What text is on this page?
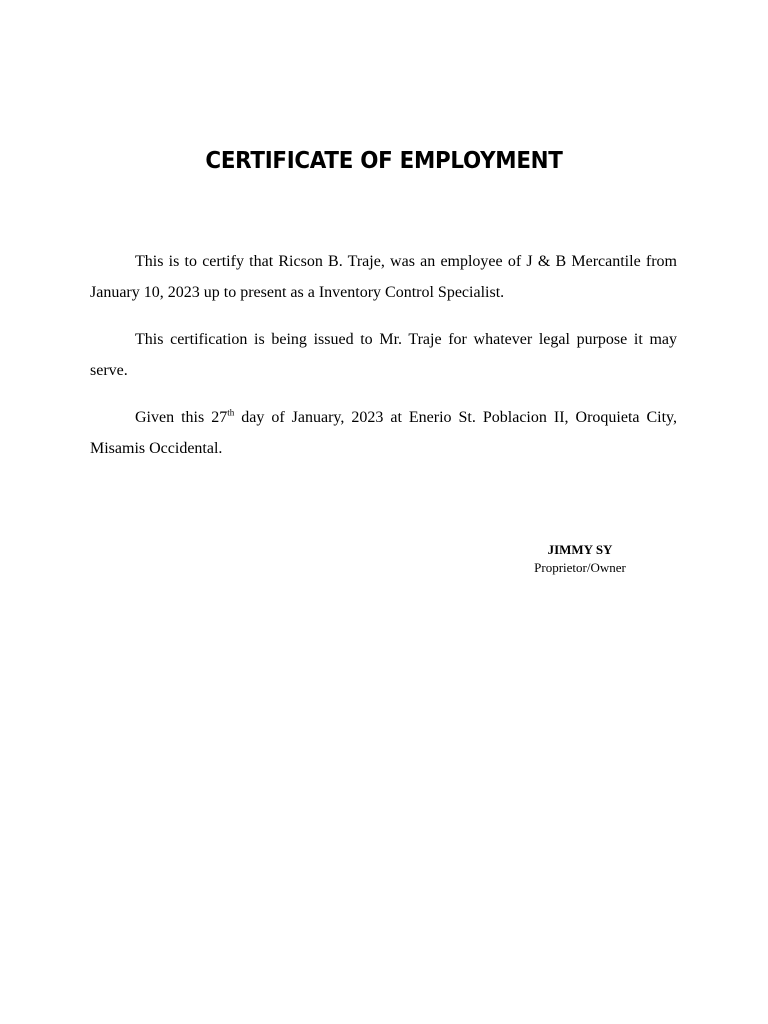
CERTIFICATE OF EMPLOYMENT

This is to certify that Ricson B. Traje, was an employee of J & B Mercantile from January 10, 2023 up to present as a Inventory Control Specialist.

This certification is being issued to Mr. Traje for whatever legal purpose it may serve.

Given this 27th day of January, 2023 at Enerio St. Poblacion II, Oroquieta City, Misamis Occidental.

JIMMY SY
Proprietor/Owner
